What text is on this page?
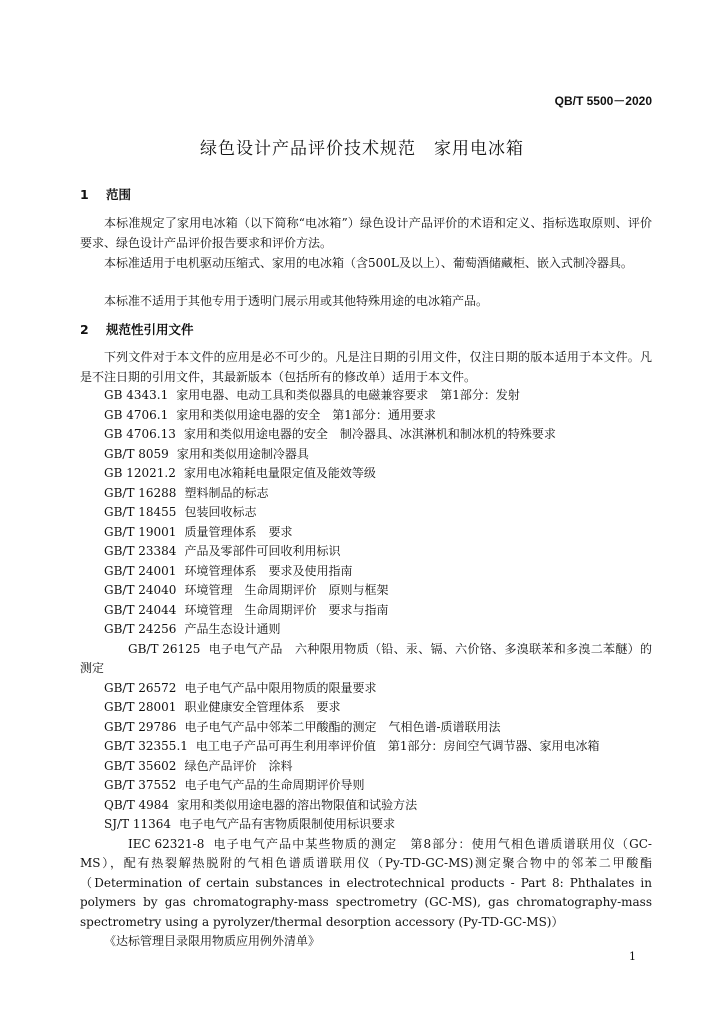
QB/T 5500－2020
绿色设计产品评价技术规范　家用电冰箱
1 范围
本标准规定了家用电冰箱（以下简称“电冰箱”）绿色设计产品评价的术语和定义、指标选取原则、评价要求、绿色设计产品评价报告要求和评价方法。
本标准适用于电机驱动压缩式、家用的电冰箱（含500L及以上）、葡萄酒储藏柜、嵌入式制冷器具。
本标准不适用于其他专用于透明门展示用或其他特殊用途的电冰箱产品。
2 规范性引用文件
下列文件对于本文件的应用是必不可少的。凡是注日期的引用文件，仅注日期的版本适用于本文件。凡是不注日期的引用文件，其最新版本（包括所有的修改单）适用于本文件。
GB 4343.1 家用电器、电动工具和类似器具的电磁兼容要求　第1部分：发射
GB 4706.1 家用和类似用途电器的安全　第1部分：通用要求
GB 4706.13 家用和类似用途电器的安全　制冷器具、冰淇淋机和制冰机的特殊要求
GB/T 8059 家用和类似用途制冷器具
GB 12021.2 家用电冰箱耗电量限定值及能效等级
GB/T 16288 塑料制品的标志
GB/T 18455 包装回收标志
GB/T 19001 质量管理体系　要求
GB/T 23384 产品及零部件可回收利用标识
GB/T 24001 环境管理体系　要求及使用指南
GB/T 24040 环境管理　生命周期评价　原则与框架
GB/T 24044 环境管理　生命周期评价　要求与指南
GB/T 24256 产品生态设计通则
GB/T 26125 电子电气产品　六种限用物质（铅、汞、镉、六价铬、多溴联苯和多溴二苯醚）的测定
GB/T 26572 电子电气产品中限用物质的限量要求
GB/T 28001 职业健康安全管理体系　要求
GB/T 29786 电子电气产品中邻苯二甲酸酯的测定　气相色谱-质谱联用法
GB/T 32355.1 电工电子产品可再生利用率评价值　第1部分：房间空气调节器、家用电冰箱
GB/T 35602 绿色产品评价　涂料
GB/T 37552 电子电气产品的生命周期评价导则
QB/T 4984 家用和类似用途电器的溶出物限值和试验方法
SJ/T 11364 电子电气产品有害物质限制使用标识要求
IEC 62321-8 电子电气产品中某些物质的测定　第8部分：使用气相色谱质谱联用仪（GC-MS），配有热裂解热脱附的气相色谱质谱联用仪（Py-TD-GC-MS)测定聚合物中的邻苯二甲酸酯（Determination of certain substances in electrotechnical products - Part 8: Phthalates in polymers by gas chromatography-mass spectrometry (GC-MS), gas chromatography-mass spectrometry using a pyrolyzer/thermal desorption accessory (Py-TD-GC-MS)）
《达标管理目录限用物质应用例外清单》
1
